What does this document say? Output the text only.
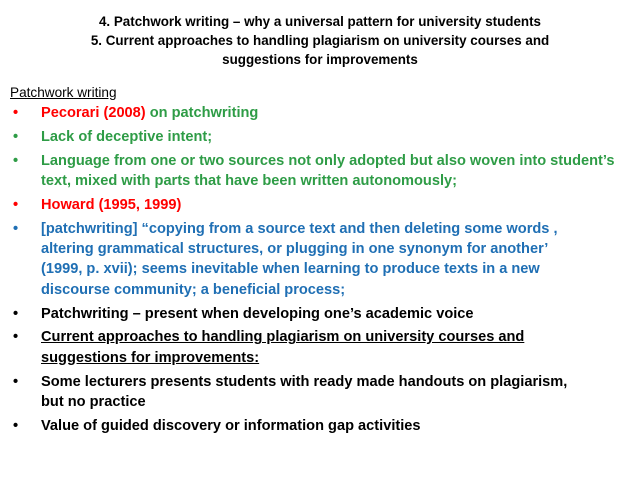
4. Patchwork writing – why a universal pattern for university students
5. Current approaches to handling plagiarism on university courses and
suggestions for improvements
Patchwork writing
• Pecorari (2008) on patchwriting
• Lack of deceptive intent;
• Language from one or two sources not only adopted but also woven into student’s
text, mixed with parts that have been written autonomously;
• Howard (1995, 1999)
• [patchwriting] “copying from a source text and then deleting some words ,
altering grammatical structures, or plugging in one synonym for another’
(1999, p. xvii); seems inevitable when learning to produce texts in a new
discourse community; a beneficial process;
• Patchwriting – present when developing one’s academic voice
• Current approaches to handling plagiarism on university courses and
suggestions for improvements:
• Some lecturers presents students with ready made handouts on plagiarism,
but no practice
• Value of guided discovery or information gap activities
